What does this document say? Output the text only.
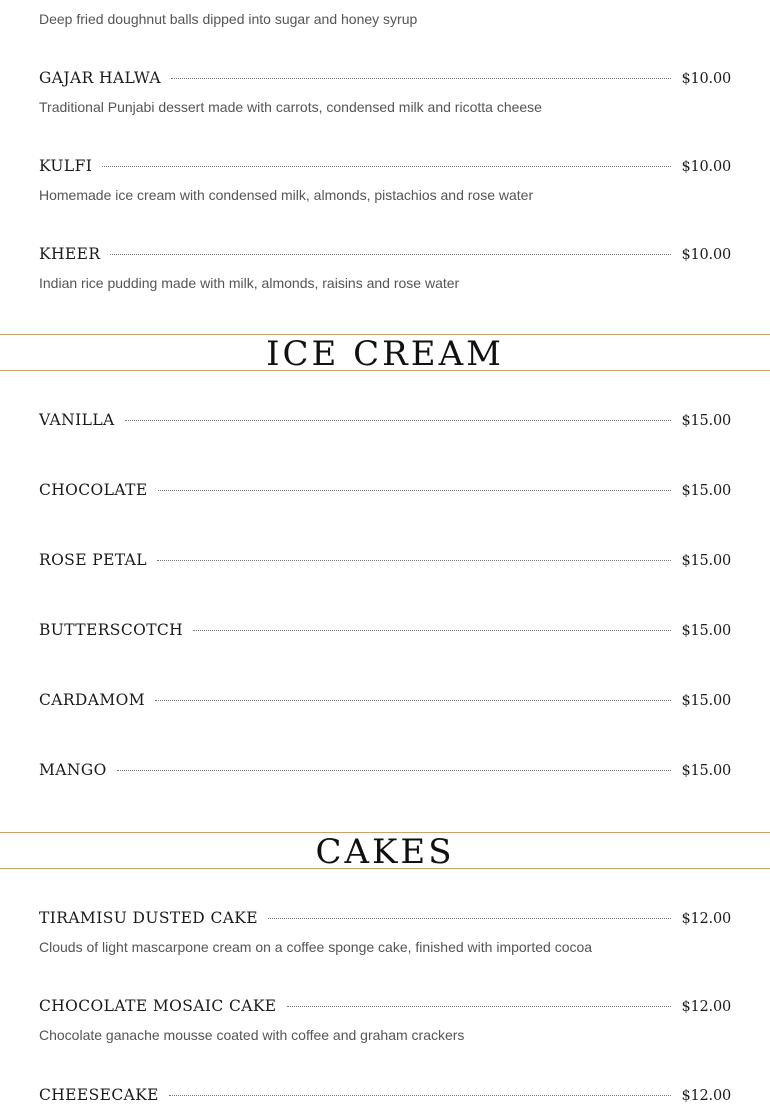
Deep fried doughnut balls dipped into sugar and honey syrup
GAJAR HALWA	$10.00
Traditional Punjabi dessert made with carrots, condensed milk and ricotta cheese
KULFI	$10.00
Homemade ice cream with condensed milk, almonds, pistachios and rose water
KHEER	$10.00
Indian rice pudding made with milk, almonds, raisins and rose water
ICE CREAM
VANILLA	$15.00
CHOCOLATE	$15.00
ROSE PETAL	$15.00
BUTTERSCOTCH	$15.00
CARDAMOM	$15.00
MANGO	$15.00
CAKES
TIRAMISU DUSTED CAKE	$12.00
Clouds of light mascarpone cream on a coffee sponge cake, finished with imported cocoa
CHOCOLATE MOSAIC CAKE	$12.00
Chocolate ganache mousse coated with coffee and graham crackers
CHEESECAKE	$12.00
